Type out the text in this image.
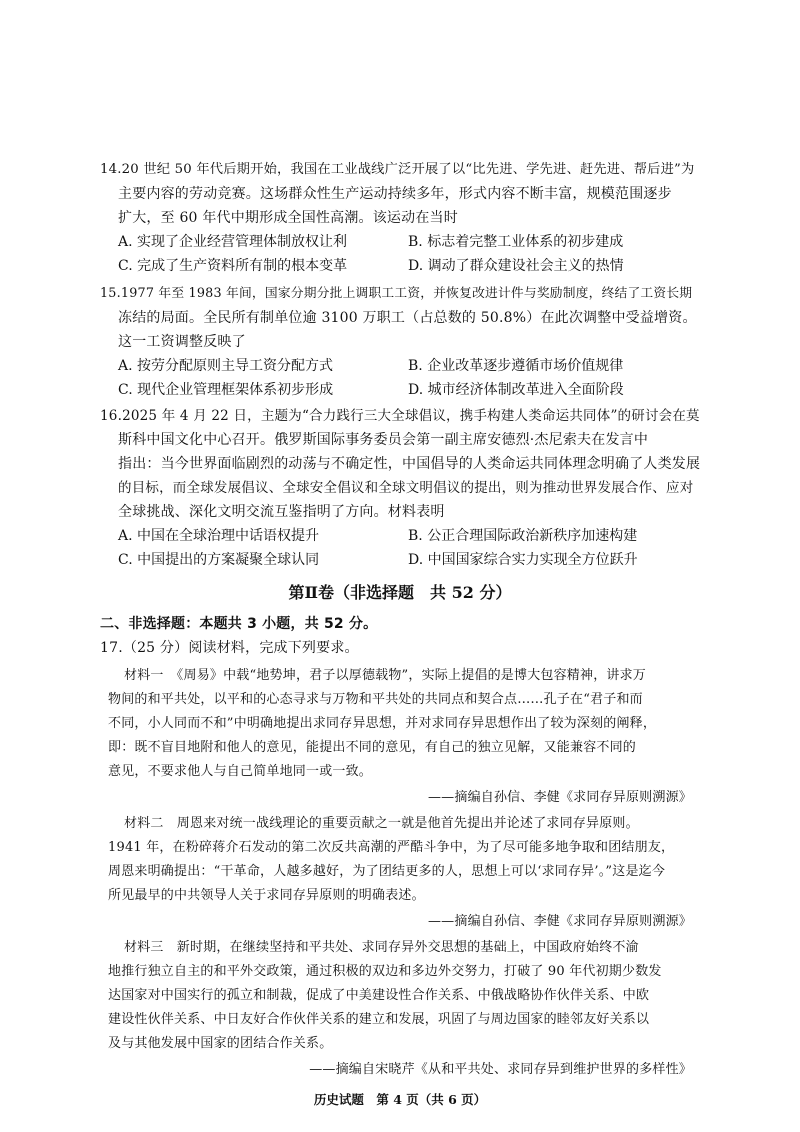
14.20 世纪 50 年代后期开始，我国在工业战线广泛开展了以“比先进、学先进、赶先进、帮后进”为
主要内容的劳动竞赛。这场群众性生产运动持续多年，形式内容不断丰富，规模范围逐步
扩大，至 60 年代中期形成全国性高潮。该运动在当时
A. 实现了企业经营管理体制放权让利	B. 标志着完整工业体系的初步建成
C. 完成了生产资料所有制的根本变革	D. 调动了群众建设社会主义的热情
15.1977 年至 1983 年间，国家分期分批上调职工工资，并恢复改进计件与奖励制度，终结了工资长期
冻结的局面。全民所有制单位逾 3100 万职工（占总数的 50.8%）在此次调整中受益增资。
这一工资调整反映了
A. 按劳分配原则主导工资分配方式	B. 企业改革逐步遵循市场价值规律
C. 现代企业管理框架体系初步形成	D. 城市经济体制改革进入全面阶段
16.2025 年 4 月 22 日，主题为“合力践行三大全球倡议，携手构建人类命运共同体”的研讨会在莫
斯科中国文化中心召开。俄罗斯国际事务委员会第一副主席安德烈·杰尼索夫在发言中
指出：当今世界面临剧烈的动荡与不确定性，中国倡导的人类命运共同体理念明确了人类发展
的目标，而全球发展倡议、全球安全倡议和全球文明倡议的提出，则为推动世界发展合作、应对
全球挑战、深化文明交流互鉴指明了方向。材料表明
A. 中国在全球治理中话语权提升	B. 公正合理国际政治新秩序加速构建
C. 中国提出的方案凝聚全球认同	D. 中国国家综合实力实现全方位跃升
第Ⅱ卷（非选择题　共 52 分）
二、非选择题：本题共 3 小题，共 52 分。
17.（25 分）阅读材料，完成下列要求。
材料一　《周易》中载“地势坤，君子以厚德载物”，实际上提倡的是博大包容精神，讲求万
物间的和平共处，以平和的心态寻求与万物和平共处的共同点和契合点……孔子在“君子和而
不同，小人同而不和”中明确地提出求同存异思想，并对求同存异思想作出了较为深刻的阐释，
即：既不盲目地附和他人的意见，能提出不同的意见，有自己的独立见解，又能兼容不同的
意见，不要求他人与自己简单地同一或一致。
——摘编自孙信、李健《求同存异原则溯源》
材料二　周恩来对统一战线理论的重要贡献之一就是他首先提出并论述了求同存异原则。
1941 年，在粉碎蒋介石发动的第二次反共高潮的严酷斗争中，为了尽可能多地争取和团结朋友，
周恩来明确提出：“干革命，人越多越好，为了团结更多的人，思想上可以‘求同存异’。”这是迄今
所见最早的中共领导人关于求同存异原则的明确表述。
——摘编自孙信、李健《求同存异原则溯源》
材料三　新时期，在继续坚持和平共处、求同存异外交思想的基础上，中国政府始终不渝
地推行独立自主的和平外交政策，通过积极的双边和多边外交努力，打破了 90 年代初期少数发
达国家对中国实行的孤立和制裁，促成了中美建设性合作关系、中俄战略协作伙伴关系、中欧
建设性伙伴关系、中日友好合作伙伴关系的建立和发展，巩固了与周边国家的睦邻友好关系以
及与其他发展中国家的团结合作关系。
——摘编自宋晓芹《从和平共处、求同存异到维护世界的多样性》
历史试题　第 4 页（共 6 页）
